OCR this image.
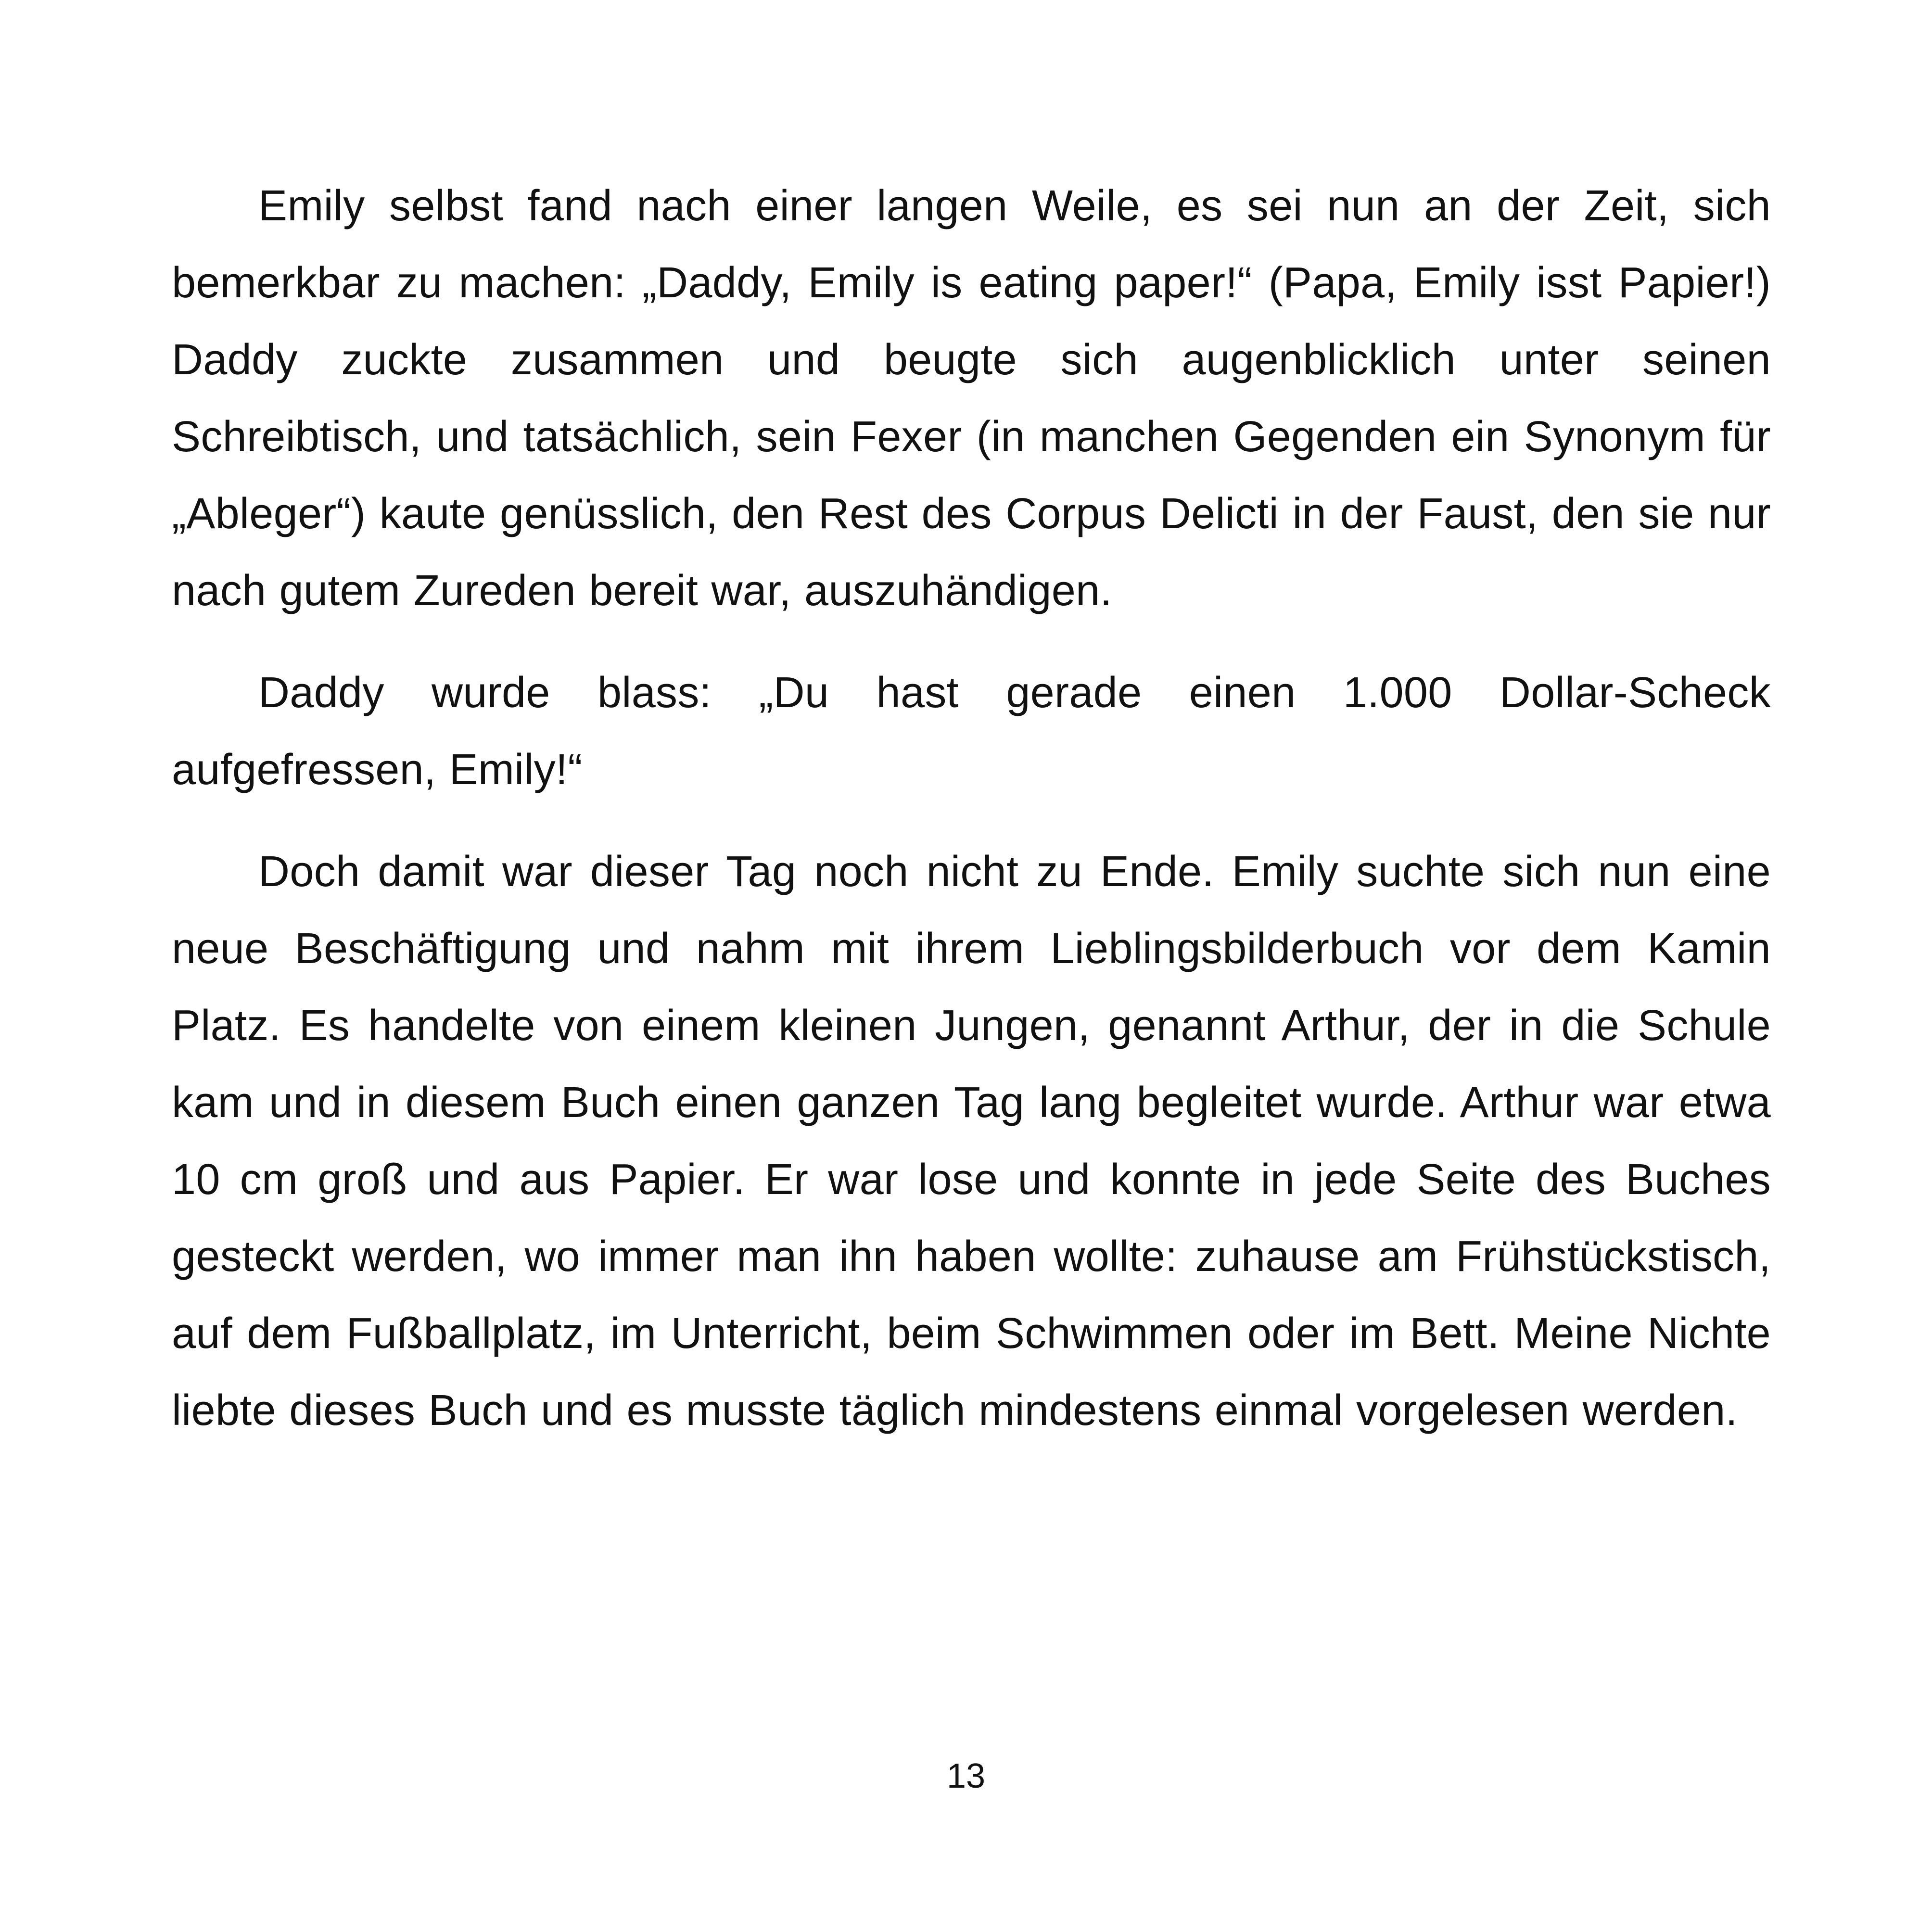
Emily selbst fand nach einer langen Weile, es sei nun an der Zeit, sich bemerkbar zu machen: „Daddy, Emily is eating paper!“ (Papa, Emily isst Papier!) Daddy zuckte zusammen und beugte sich augenblicklich unter seinen Schreibtisch, und tatsächlich, sein Fexer (in manchen Gegenden ein Synonym für „Ableger“) kaute genüsslich, den Rest des Corpus Delicti in der Faust, den sie nur nach gutem Zureden bereit war, auszuhändigen.

Daddy wurde blass: „Du hast gerade einen 1.000 Dollar-Scheck aufgefressen, Emily!“

Doch damit war dieser Tag noch nicht zu Ende. Emily suchte sich nun eine neue Beschäftigung und nahm mit ihrem Lieblingsbilderbuch vor dem Kamin Platz. Es handelte von einem kleinen Jungen, genannt Arthur, der in die Schule kam und in diesem Buch einen ganzen Tag lang begleitet wurde. Arthur war etwa 10 cm groß und aus Papier. Er war lose und konnte in jede Seite des Buches gesteckt werden, wo immer man ihn haben wollte: zuhause am Frühstückstisch, auf dem Fußballplatz, im Unterricht, beim Schwimmen oder im Bett. Meine Nichte liebte dieses Buch und es musste täglich mindestens einmal vorgelesen werden.

13
